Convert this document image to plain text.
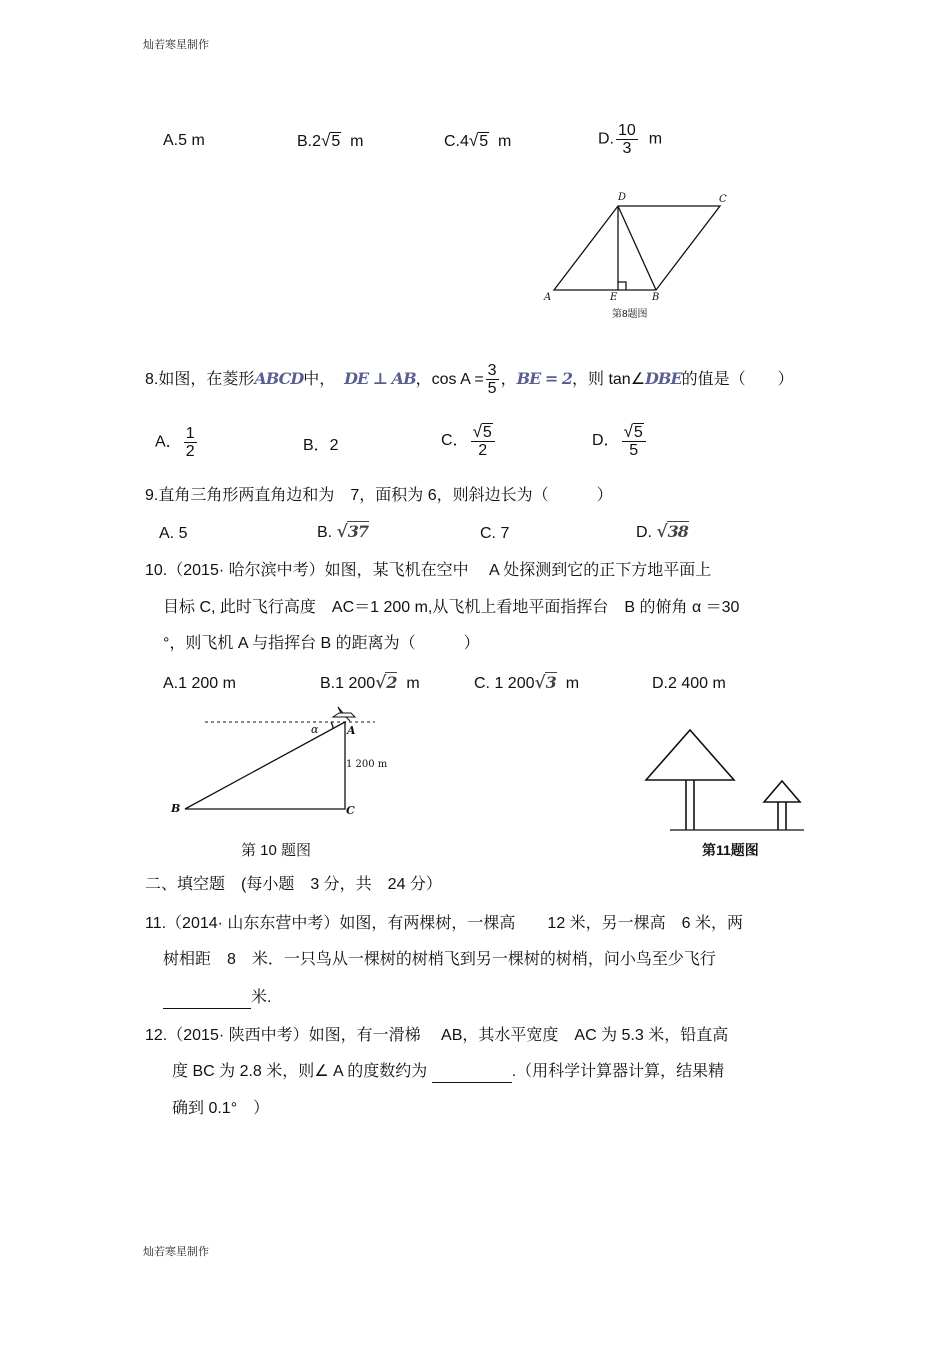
灿若寒星制作
A.5 m	B.2√5 m	C.4√5 m	D. $\frac{10}{3}$ m
A	B
C
D
E
第8题图
8.如图，在菱形ABCD中， DE ⊥ AB，$\cos A = \frac{3}{5}$ ，BE = 2，则 tan∠DBE的值是（　　）
A． $\frac{1}{2}$	B．2	C． $\frac{√5}{2}$	D． $\frac{√5}{5}$
9.直角三角形两直角边和为　7，面积为 6，则斜边长为（　　　）
A. 5	B. √37	C. 7	D. √38
10.（2015· 哈尔滨中考）如图，某飞机在空中　 A 处探测到它的正下方地平面上
目标 C, 此时飞行高度　AC＝1 200 m,从飞机上看地平面指挥台　B 的俯角 α ＝30
°，则飞机 A 与指挥台 B 的距离为（　　　）
A.1 200 m	B.1 200√2 m	C. 1 200√3 m	D.2 400 m
α	A
B	C
1 200 m
第 10 题图	第11题图
二、填空题　(每小题　3 分，共　24 分）
11.（2014· 山东东营中考）如图，有两棵树，一棵高　　12 米，另一棵高　6 米，两
树相距　8　米．一只鸟从一棵树的树梢飞到另一棵树的树梢，问小鸟至少飞行
米.
12.（2015· 陕西中考）如图，有一滑梯　 AB，其水平宽度　AC 为 5.3 米，铅直高
度 BC 为 2.8 米，则∠ A 的度数约为	.（用科学计算器计算，结果精
确到 0.1°　）
灿若寒星制作
